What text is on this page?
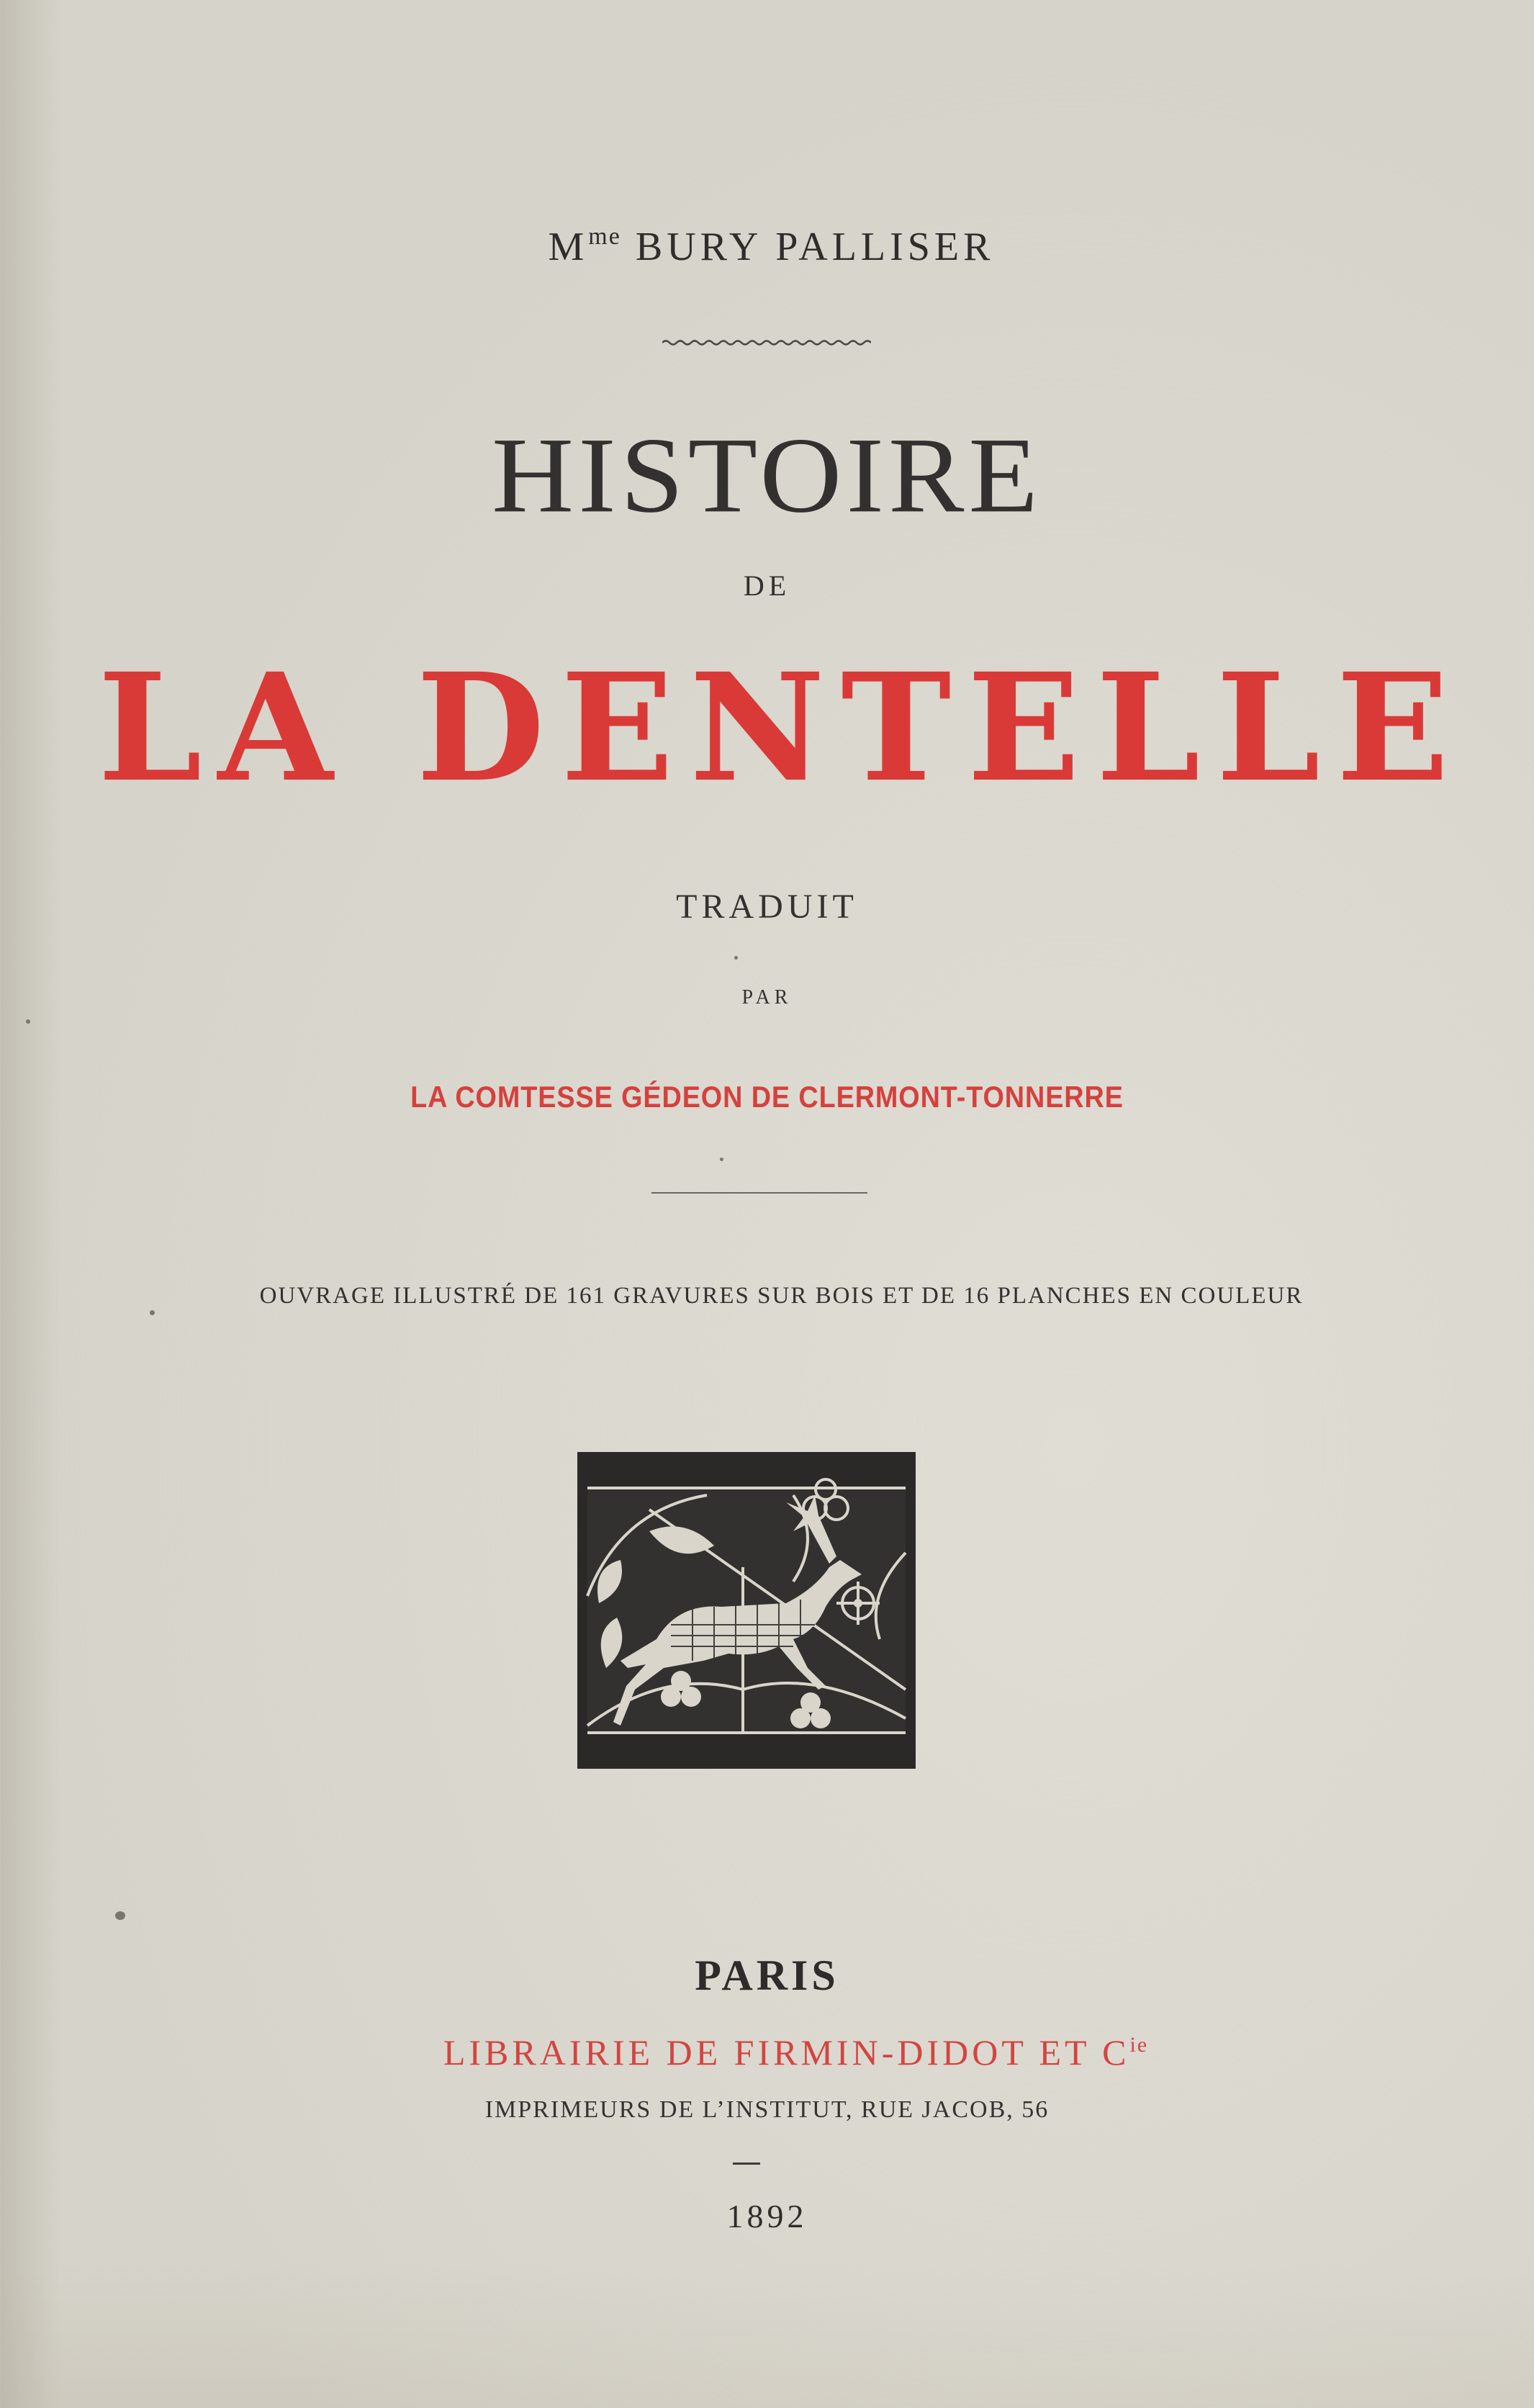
$M^{me}$ BURY PALLISER
HISTOIRE
DE
LA DENTELLE
TRADUIT
PAR
LA COMTESSE GÉDEON DE CLERMONT-TONNERRE
OUVRAGE ILLUSTRÉ DE 161 GRAVURES SUR BOIS ET DE 16 PLANCHES EN COULEUR
PARIS
LIBRAIRIE DE FIRMIN-DIDOT ET $C^{ie}$
IMPRIMEURS DE L’INSTITUT, RUE JACOB, 56
1892
